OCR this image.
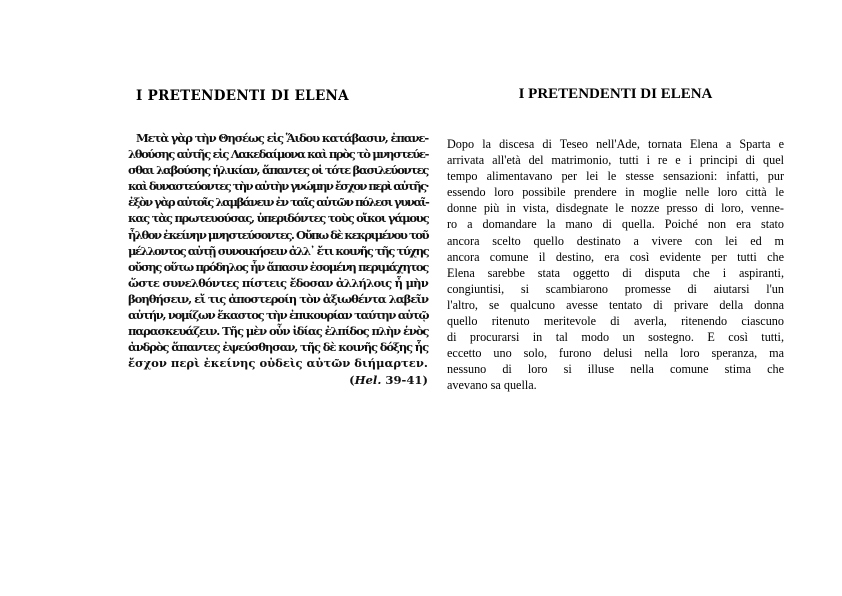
I PRETENDENTI DI ELENA
Μετὰ γὰρ τὴν Θησέως εἰς Ἅιδου κατάβασιν, ἐπανε-
λθούσης αὐτῆς εἰς Λακεδαίμονα καὶ πρὸς τὸ μνηστεύε-
σθαι λαβούσης ἡλικίαν, ἅπαντες οἱ τότε βασιλεύοντες
καὶ δυναστεύοντες τὴν αὐτὴν γνώμην ἔσχον περὶ αὐτῆς·
ἐξὸν γὰρ αὐτοῖς λαμβάνειν ἐν ταῖς αὑτῶν πόλεσι γυναῖ-
κας τὰς πρωτευούσας, ὑπεριδόντες τοὺς οἴκοι γάμους
ἦλθον ἐκείνην μνηστεύσοντες. Οὔπω δὲ κεκριμένου τοῦ
μέλλοντος αὐτῇ συνοικήσειν ἀλλ᾽ ἔτι κοινῆς τῆς τύχης
οὔσης οὕτω πρόδηλος ἦν ἅπασιν ἐσομένη περιμάχητος
ὥστε συνελθόντες πίστεις ἔδοσαν ἀλλήλοις ἦ μὴν
βοηθήσειν, εἴ τις ἀποστεροίη τὸν ἀξιωθέντα λαβεῖν
αὐτήν, νομίζων ἕκαστος τὴν ἐπικουρίαν ταύτην αὑτῷ
παρασκευάζειν. Τῆς μὲν οὖν ἰδίας ἐλπίδος πλὴν ἑνὸς
ἀνδρὸς ἅπαντες ἐψεύσθησαν, τῆς δὲ κοινῆς δόξης ἧς
ἔσχον περὶ ἐκείνης οὐδεὶς αὐτῶν διήμαρτεν.
(Hel. 39-41)
I PRETENDENTI DI ELENA
Dopo la discesa di Teseo nell'Ade, tornata Elena a Sparta e
arrivata all'età del matrimonio, tutti i re e i principi di quel
tempo alimentavano per lei le stesse sensazioni: infatti, pur
essendo loro possibile prendere in moglie nelle loro città le
donne più in vista, disdegnate le nozze presso di loro, venne-
ro a domandare la mano di quella. Poiché non era stato
ancora scelto quello destinato a vivere con lei ed m
ancora comune il destino, era così evidente per tutti che
Elena sarebbe stata oggetto di disputa che i aspiranti,
congiuntisi, si scambiarono promesse di aiutarsi l'un
l'altro, se qualcuno avesse tentato di privare della donna
quello ritenuto meritevole di averla, ritenendo ciascuno
di procurarsi in tal modo un sostegno. E così tutti,
eccetto uno solo, furono delusi nella loro speranza, ma
nessuno di loro si illuse nella comune stima che
avevano sa quella.
